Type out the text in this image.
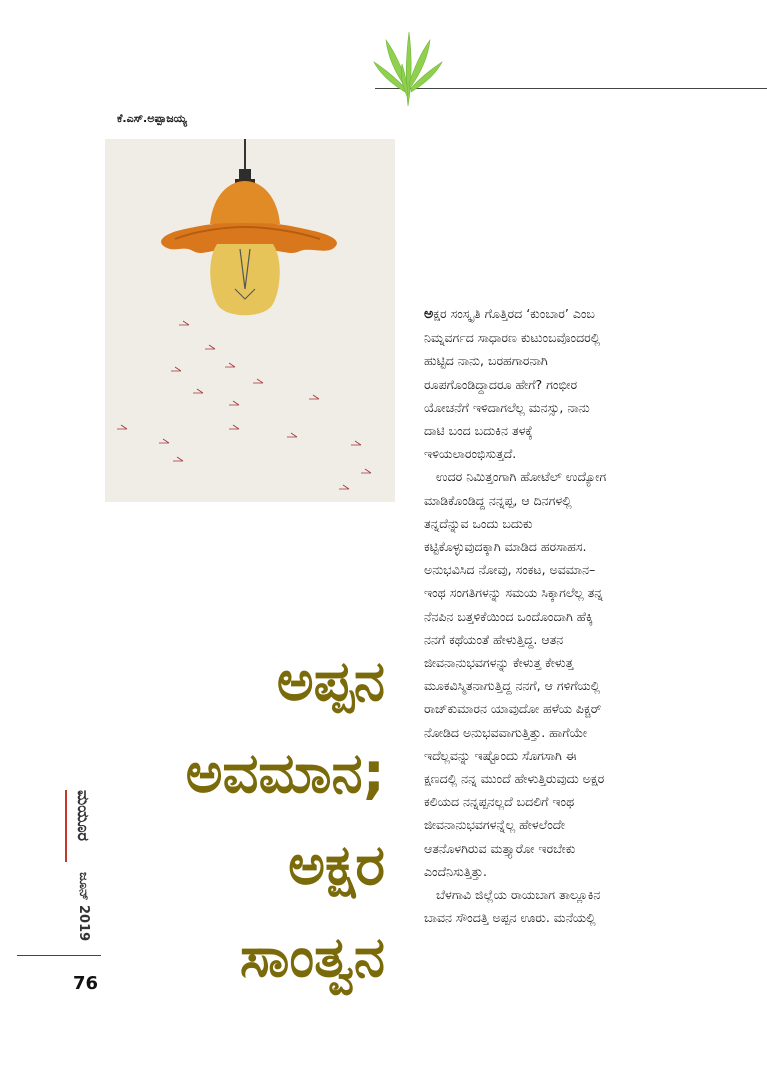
ಕೆ.ಎಸ್.ಅಪ್ಪಾಜಯ್ಯ
ಅಪ್ಪನ
ಅವಮಾನ;
ಅಕ್ಷರ
ಸಾಂತ್ವನ
ಮಯೂರ
ಜೂನ್ 2019
76
ಅಕ್ಷರ ಸಂಸ್ಕೃತಿ ಗೊತ್ತಿರದ ‘ಕುಂಬಾರ’ ಎಂಬ
ನಿಮ್ನವರ್ಗದ ಸಾಧಾರಣ ಕುಟುಂಬವೊಂದರಲ್ಲಿ
ಹುಟ್ಟಿದ ನಾನು, ಬರಹಗಾರನಾಗಿ
ರೂಪಗೊಂಡಿದ್ದಾದರೂ ಹೇಗೆ? ಗಂಭೀರ
ಯೋಚನೆಗೆ ಇಳಿದಾಗಲೆಲ್ಲ ಮನಸ್ಸು, ನಾನು
ದಾಟಿ ಬಂದ ಬದುಕಿನ ತಳಕ್ಕೆ
ಇಳಿಯಲಾರಂಭಿಸುತ್ತದೆ.
ಉದರ ನಿಮಿತ್ತಂಗಾಗಿ ಹೋಟೆಲ್ ಉದ್ಯೋಗ
ಮಾಡಿಕೊಂಡಿದ್ದ ನನ್ನಪ್ಪ, ಆ ದಿನಗಳಲ್ಲಿ
ತನ್ನದೆನ್ನುವ ಒಂದು ಬದುಕು
ಕಟ್ಟಿಕೊಳ್ಳುವುದಕ್ಕಾಗಿ ಮಾಡಿದ ಹರಸಾಹಸ.
ಅನುಭವಿಸಿದ ನೋವು, ಸಂಕಟ, ಅವಮಾನ–
ಇಂಥ ಸಂಗತಿಗಳನ್ನು ಸಮಯ ಸಿಕ್ಕಾಗಲೆಲ್ಲ ತನ್ನ
ನೆನಪಿನ ಬತ್ತಳಿಕೆಯಿಂದ ಒಂದೊಂದಾಗಿ ಹೆಕ್ಕಿ
ನನಗೆ ಕಥೆಯಂತೆ ಹೇಳುತ್ತಿದ್ದ. ಆತನ
ಜೀವನಾನುಭವಗಳನ್ನು ಕೇಳುತ್ತ ಕೇಳುತ್ತ
ಮೂಕವಿಸ್ಮಿತನಾಗುತ್ತಿದ್ದ ನನಗೆ, ಆ ಗಳಿಗೆಯಲ್ಲಿ
ರಾಜ್‌ಕುಮಾರನ ಯಾವುದೋ ಹಳೆಯ ಪಿಕ್ಚರ್
ನೋಡಿದ ಅನುಭವವಾಗುತ್ತಿತ್ತು. ಹಾಗೆಯೇ
ಇದೆಲ್ಲವನ್ನು ಇಷ್ಟೊಂದು ಸೊಗಸಾಗಿ ಈ
ಕ್ಷಣದಲ್ಲಿ ನನ್ನ ಮುಂದೆ ಹೇಳುತ್ತಿರುವುದು ಅಕ್ಷರ
ಕಲಿಯದ ನನ್ನಪ್ಪನಲ್ಲದೆ ಬದಲಿಗೆ ಇಂಥ
ಜೀವನಾನುಭವಗಳನ್ನೆಲ್ಲ ಹೇಳಲೆಂದೇ
ಆತನೊಳಗಿರುವ ಮತ್ತ್ಯಾರೋ ಇರಬೇಕು
ಎಂದೆನಿಸುತ್ತಿತ್ತು.
ಬೆಳಗಾವಿ ಜಿಲ್ಲೆಯ ರಾಯಬಾಗ ತಾಲ್ಲೂಕಿನ
ಬಾವನ ಸೌಂದತ್ತಿ ಅಪ್ಪನ ಊರು. ಮನೆಯಲ್ಲಿ
